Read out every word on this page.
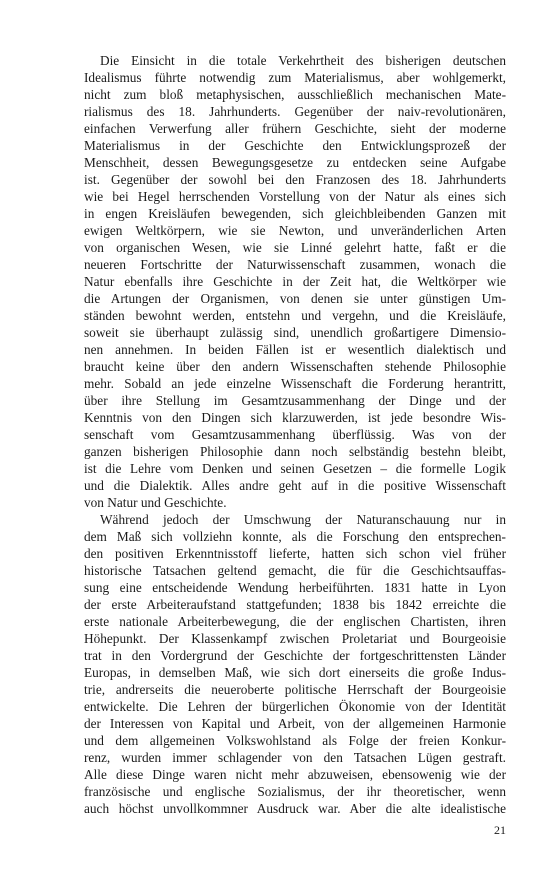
Die Einsicht in die totale Verkehrtheit des bisherigen deutschen
Idealismus führte notwendig zum Materialismus, aber wohlgemerkt,
nicht zum bloß metaphysischen, ausschließlich mechanischen Mate-
rialismus des 18. Jahrhunderts. Gegenüber der naiv-revolutionären,
einfachen Verwerfung aller frühern Geschichte, sieht der moderne
Materialismus in der Geschichte den Entwicklungsprozeß der
Menschheit, dessen Bewegungsgesetze zu entdecken seine Aufgabe
ist. Gegenüber der sowohl bei den Franzosen des 18. Jahrhunderts
wie bei Hegel herrschenden Vorstellung von der Natur als eines sich
in engen Kreisläufen bewegenden, sich gleichbleibenden Ganzen mit
ewigen Weltkörpern, wie sie Newton, und unveränderlichen Arten
von organischen Wesen, wie sie Linné gelehrt hatte, faßt er die
neueren Fortschritte der Naturwissenschaft zusammen, wonach die
Natur ebenfalls ihre Geschichte in der Zeit hat, die Weltkörper wie
die Artungen der Organismen, von denen sie unter günstigen Um-
ständen bewohnt werden, entstehn und vergehn, und die Kreisläufe,
soweit sie überhaupt zulässig sind, unendlich großartigere Dimensio-
nen annehmen. In beiden Fällen ist er wesentlich dialektisch und
braucht keine über den andern Wissenschaften stehende Philosophie
mehr. Sobald an jede einzelne Wissenschaft die Forderung herantritt,
über ihre Stellung im Gesamtzusammenhang der Dinge und der
Kenntnis von den Dingen sich klarzuwerden, ist jede besondre Wis-
senschaft vom Gesamtzusammenhang überflüssig. Was von der
ganzen bisherigen Philosophie dann noch selbständig bestehn bleibt,
ist die Lehre vom Denken und seinen Gesetzen – die formelle Logik
und die Dialektik. Alles andre geht auf in die positive Wissenschaft
von Natur und Geschichte.
Während jedoch der Umschwung der Naturanschauung nur in
dem Maß sich vollziehn konnte, als die Forschung den entsprechen-
den positiven Erkenntnisstoff lieferte, hatten sich schon viel früher
historische Tatsachen geltend gemacht, die für die Geschichtsauffas-
sung eine entscheidende Wendung herbeiführten. 1831 hatte in Lyon
der erste Arbeiteraufstand stattgefunden; 1838 bis 1842 erreichte die
erste nationale Arbeiterbewegung, die der englischen Chartisten, ihren
Höhepunkt. Der Klassenkampf zwischen Proletariat und Bourgeoisie
trat in den Vordergrund der Geschichte der fortgeschrittensten Länder
Europas, in demselben Maß, wie sich dort einerseits die große Indus-
trie, andrerseits die neueroberte politische Herrschaft der Bourgeoisie
entwickelte. Die Lehren der bürgerlichen Ökonomie von der Identität
der Interessen von Kapital und Arbeit, von der allgemeinen Harmonie
und dem allgemeinen Volkswohlstand als Folge der freien Konkur-
renz, wurden immer schlagender von den Tatsachen Lügen gestraft.
Alle diese Dinge waren nicht mehr abzuweisen, ebensowenig wie der
französische und englische Sozialismus, der ihr theoretischer, wenn
auch höchst unvollkommner Ausdruck war. Aber die alte idealistische
21
